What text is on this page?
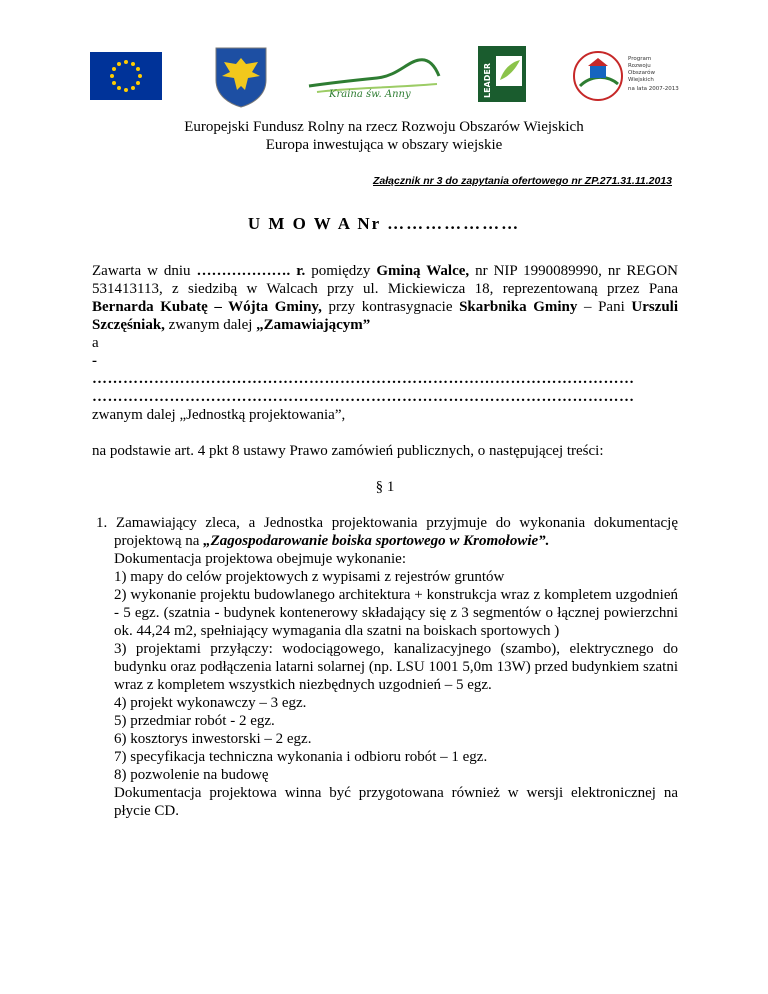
Kraina św. Anny	LEADER
Program
Rozwoju
Obszarów
Wiejskich
na lata 2007-2013
Europejski Fundusz Rolny na rzecz Rozwoju Obszarów Wiejskich
Europa inwestująca w obszary wiejskie
Załącznik nr 3 do zapytania ofertowego nr ZP.271.31.11.2013
U M O W A Nr …………………

Zawarta w dniu ………………. r. pomiędzy Gminą Walce, nr NIP 1990089990, nr REGON 531413113, z siedzibą w Walcach przy ul. Mickiewicza 18, reprezentowaną przez Pana Bernarda Kubatę – Wójta Gminy, przy kontrasygnacie Skarbnika Gminy – Pani Urszuli Szczęśniak, zwanym dalej „Zamawiającym”

a

-

……………………………………………………………………………………………

……………………………………………………………………………………………

zwanym dalej „Jednostką projektowania”,

na podstawie art. 4 pkt 8 ustawy Prawo zamówień publicznych, o następującej treści:

§ 1

1. Zamawiający zleca, a Jednostka projektowania przyjmuje do wykonania dokumentację projektową na „Zagospodarowanie boiska sportowego w Kromołowie”.

Dokumentacja projektowa obejmuje wykonanie:

1) mapy do celów projektowych z wypisami z rejestrów gruntów

2) wykonanie projektu budowlanego architektura + konstrukcja wraz z kompletem uzgodnień - 5 egz. (szatnia - budynek kontenerowy składający się z 3 segmentów o łącznej powierzchni ok. 44,24 m2, spełniający wymagania dla szatni na boiskach sportowych )

3) projektami przyłączy: wodociągowego, kanalizacyjnego (szambo), elektrycznego do budynku oraz podłączenia latarni solarnej (np. LSU 1001 5,0m 13W) przed budynkiem szatni wraz z kompletem wszystkich niezbędnych uzgodnień – 5 egz.

4) projekt wykonawczy – 3 egz.

5) przedmiar robót - 2 egz.

6) kosztorys inwestorski – 2 egz.

7) specyfikacja techniczna wykonania i odbioru robót – 1 egz.

8) pozwolenie na budowę

Dokumentacja projektowa winna być przygotowana również w wersji elektronicznej na płycie CD.
